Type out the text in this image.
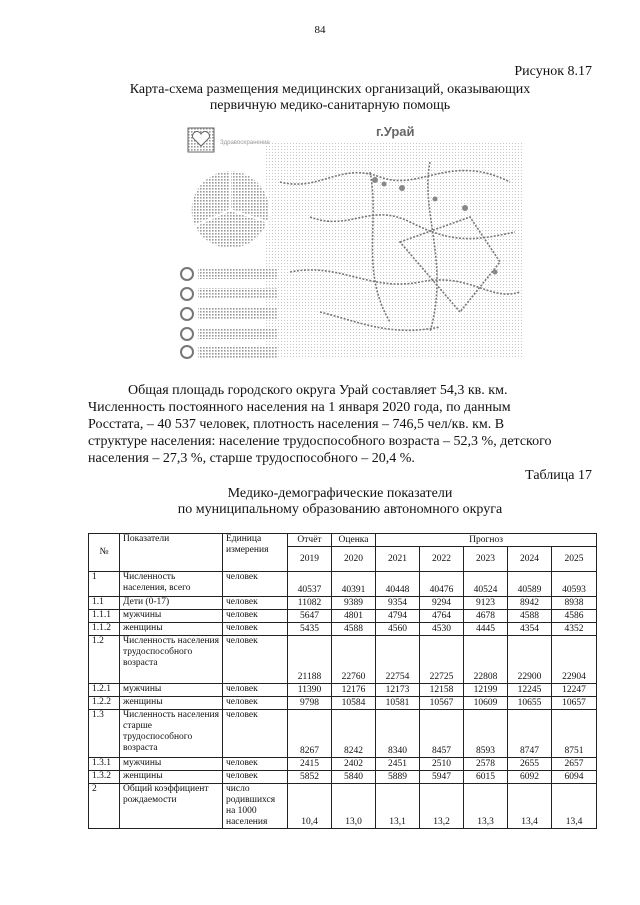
84
Рисунок 8.17
Карта-схема размещения медицинских организаций, оказывающих
первичную медико-санитарную помощь
Здравоохранение
г.Урай
Общая площадь городского округа Урай составляет 54,3 кв. км.
Численность постоянного населения на 1 января 2020 года, по данным
Росстата, – 40 537 человек, плотность населения – 746,5 чел/кв. км. В
структуре населения: население трудоспособного возраста – 52,3 %, детского
населения – 27,3 %, старше трудоспособного – 20,4 %.
Таблица 17
Медико-демографические показатели
по муниципальному образованию автономного округа
№	Показатели	Единица измерения	Отчёт	Оценка	Прогноз				
			2019	2020	2021	2022	2023	2024	2025
1	Численность населения, всего	человек	40537	40391	40448	40476	40524	40589	40593
1.1	Дети (0-17)	человек	11082	9389	9354	9294	9123	8942	8938
1.1.1	мужчины	человек	5647	4801	4794	4764	4678	4588	4586
1.1.2	женщины	человек	5435	4588	4560	4530	4445	4354	4352
1.2	Численность населения трудоспособного возраста	человек	21188	22760	22754	22725	22808	22900	22904
1.2.1	мужчины	человек	11390	12176	12173	12158	12199	12245	12247
1.2.2	женщины	человек	9798	10584	10581	10567	10609	10655	10657
1.3	Численность населения старше трудоспособного возраста	человек	8267	8242	8340	8457	8593	8747	8751
1.3.1	мужчины	человек	2415	2402	2451	2510	2578	2655	2657
1.3.2	женщины	человек	5852	5840	5889	5947	6015	6092	6094
2	Общий коэффициент рождаемости	число родившихся на 1000 населения	10,4	13,0	13,1	13,2	13,3	13,4	13,4
